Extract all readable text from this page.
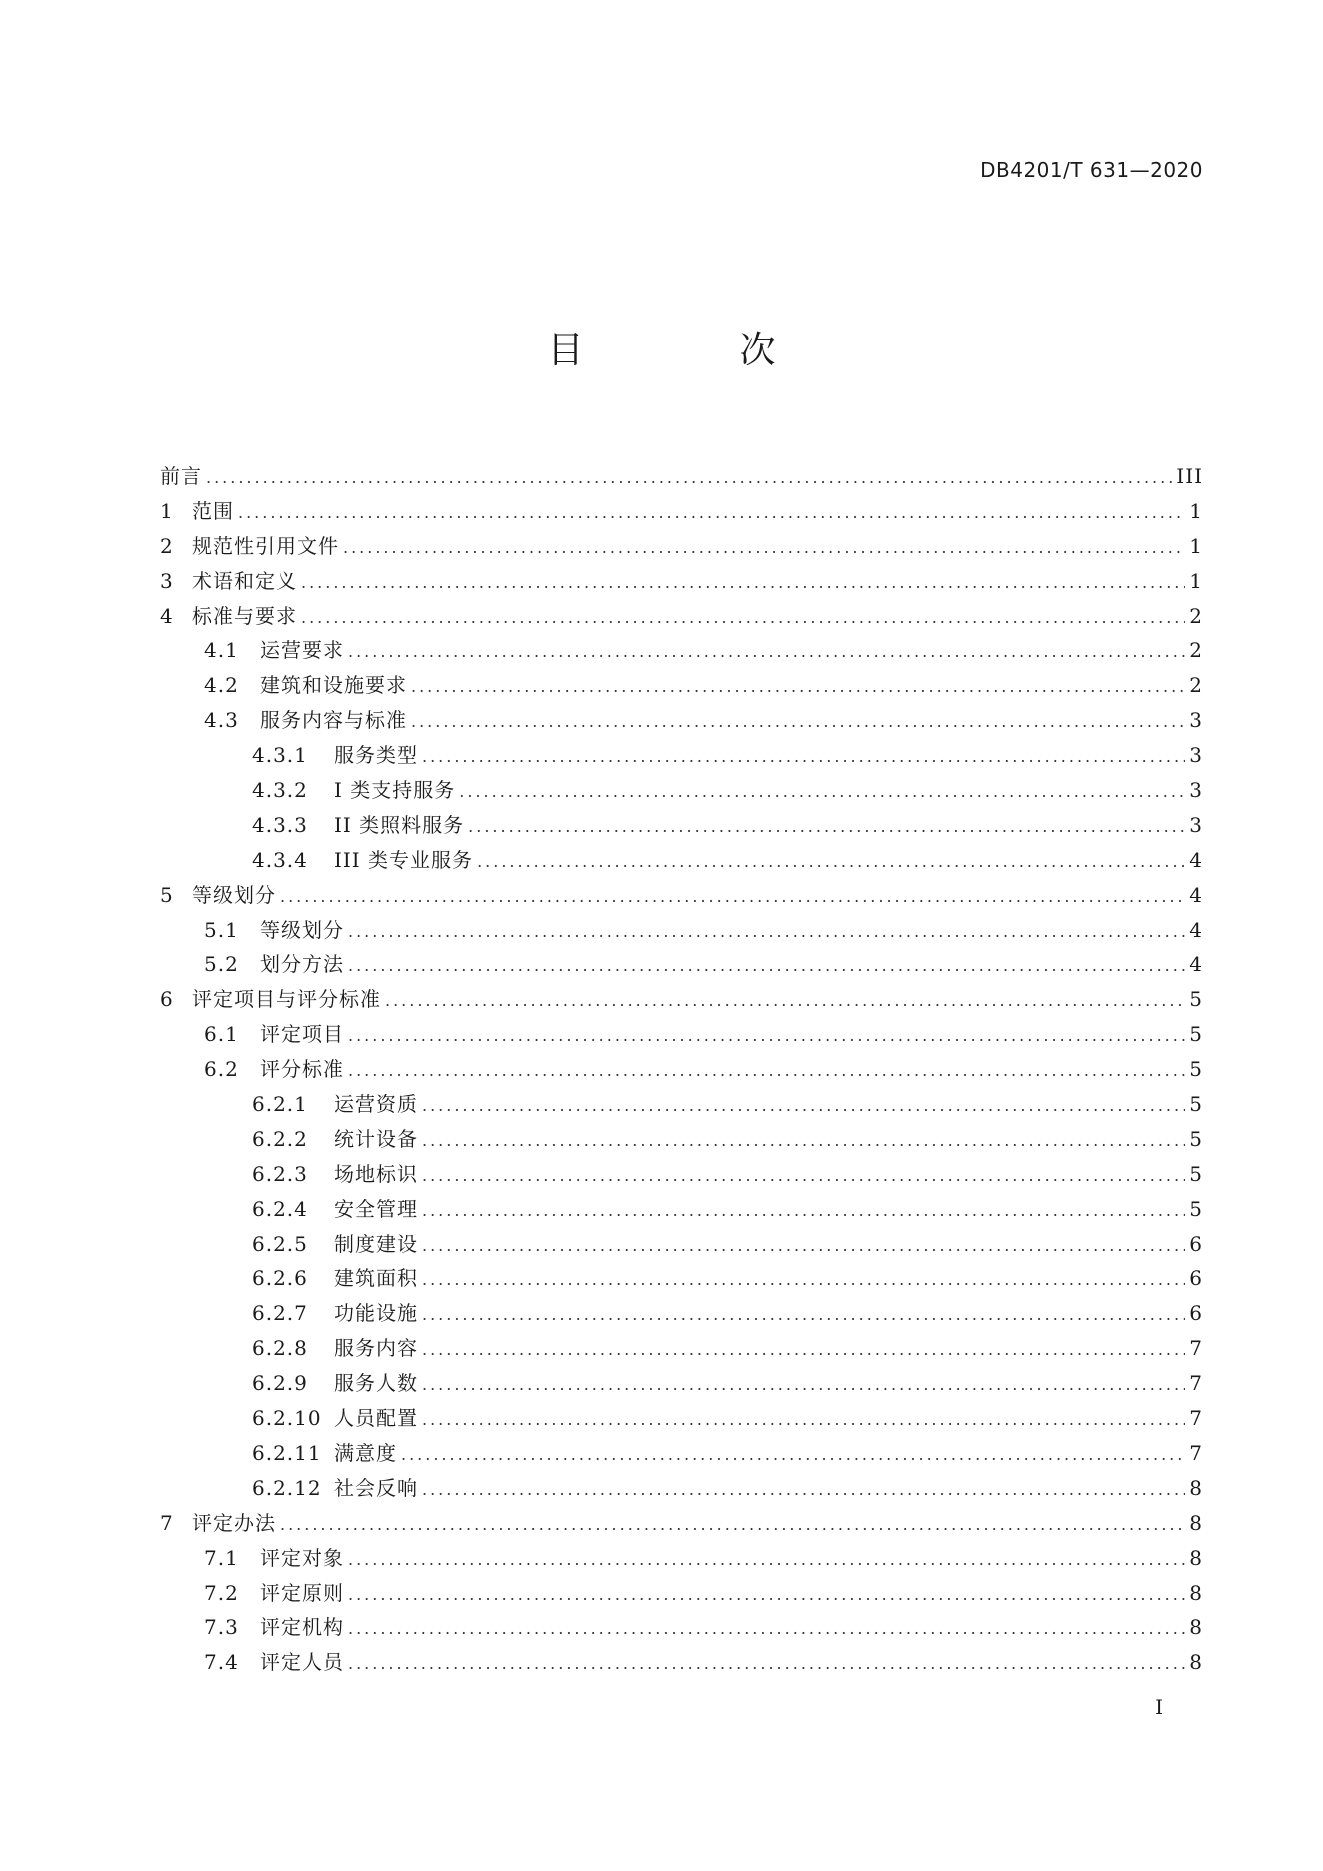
DB4201/T 631—2020
目　次
前言 .....	III
1 范围 .....	1
2 规范性引用文件 .....	1
3 术语和定义 .....	1
4 标准与要求 .....	2
4.1	运营要求 .....	2
4.2	建筑和设施要求 .....	2
4.3	服务内容与标准 .....	3
4.3.1	服务类型 .....	3
4.3.2	I 类支持服务 .....	3
4.3.3	II 类照料服务 .....	3
4.3.4	III 类专业服务 .....	4
5 等级划分 .....	4
5.1	等级划分 .....	4
5.2	划分方法 .....	4
6 评定项目与评分标准 .....	5
6.1	评定项目 .....	5
6.2	评分标准 .....	5
6.2.1	运营资质 .....	5
6.2.2	统计设备 .....	5
6.2.3	场地标识 .....	5
6.2.4	安全管理 .....	5
6.2.5	制度建设 .....	6
6.2.6	建筑面积 .....	6
6.2.7	功能设施 .....	6
6.2.8	服务内容 .....	7
6.2.9	服务人数 .....	7
6.2.10 人员配置 .....	7
6.2.11 满意度 .....	7
6.2.12 社会反响 .....	8
7 评定办法 .....	8
7.1	评定对象 .....	8
7.2	评定原则 .....	8
7.3	评定机构 .....	8
7.4	评定人员 .....	8
I
